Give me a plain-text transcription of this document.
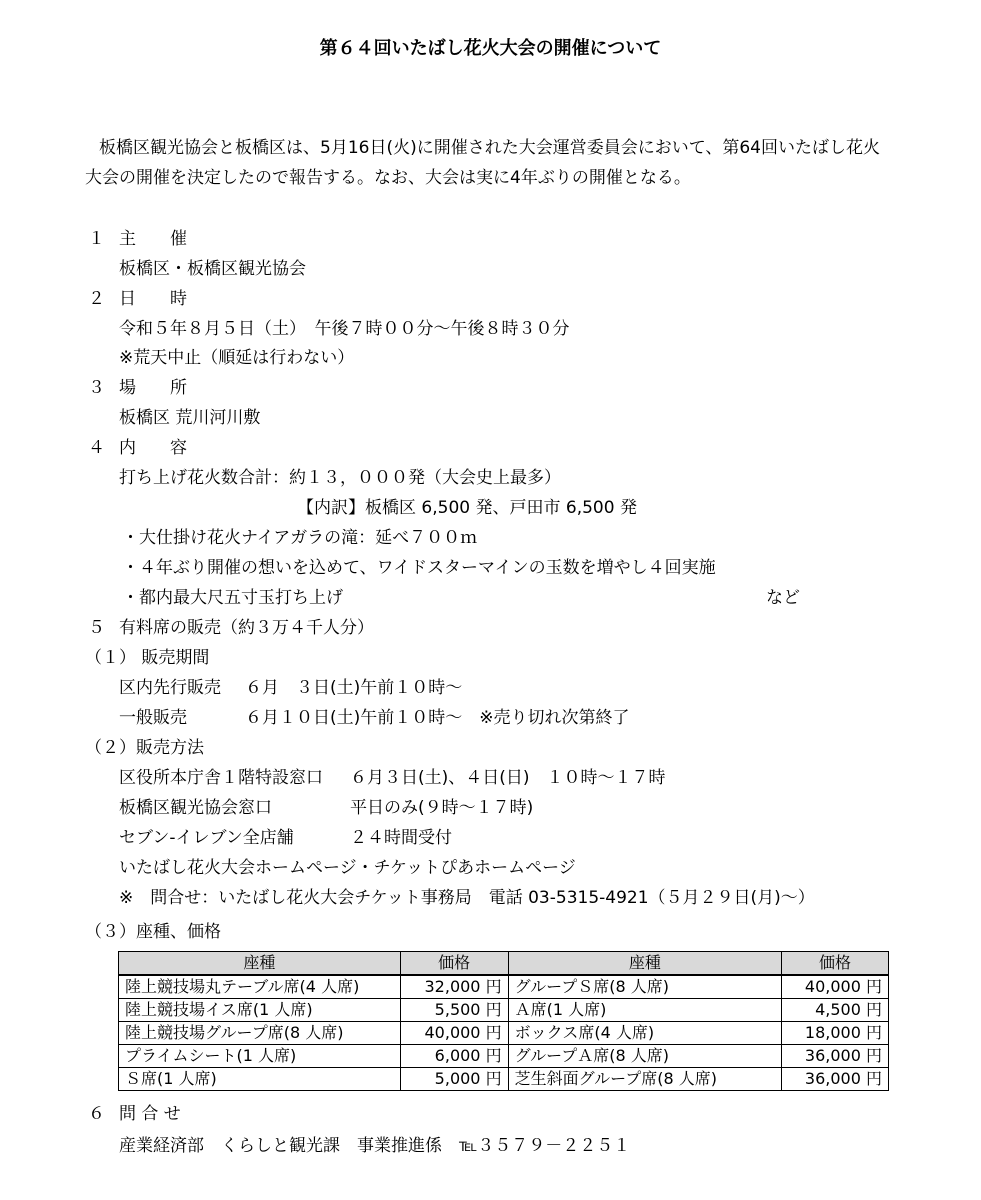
第６４回いたばし花火大会の開催について
板橋区観光協会と板橋区は、5月16日(火)に開催された大会運営委員会において、第64回いたばし花火大会の開催を決定したので報告する。なお、大会は実に4年ぶりの開催となる。
１ 主　　催
板橋区・板橋区観光協会
２ 日　　時
令和５年８月５日（土）　午後７時００分～午後８時３０分
※荒天中止（順延は行わない）
３ 場　　所
板橋区 荒川河川敷
４ 内　　容
打ち上げ花火数合計：約１３，０００発（大会史上最多）
【内訳】板橋区 6,500 発、戸田市 6,500 発
・大仕掛け花火ナイアガラの滝：延べ７００ｍ
・４年ぶり開催の想いを込めて、ワイドスターマインの玉数を増やし４回実施
・都内最大尺五寸玉打ち上げ	など
５ 有料席の販売（約３万４千人分）
（１） 販売期間
区内先行販売 ６月　３日(土)午前１０時～
一般販売	６月１０日(土)午前１０時～　※売り切れ次第終了
（２）販売方法
区役所本庁舎１階特設窓口 ６月３日(土)、４日(日)　１０時～１７時
板橋区観光協会窓口	平日のみ(９時～１７時)
セブン-イレブン全店舗	２４時間受付
いたばし花火大会ホームページ・チケットぴあホームページ
※　問合せ：いたばし花火大会チケット事務局　電話 03-5315-4921（５月２９日(月)～）
（３）座種、価格
座種	価格	座種	価格
陸上競技場丸テーブル席(4 人席)	32,000 円	グループＳ席(8 人席)	40,000 円
陸上競技場イス席(1 人席)	5,500 円	Ａ席(1 人席)	4,500 円
陸上競技場グループ席(8 人席)	40,000 円	ボックス席(4 人席)	18,000 円
プライムシート(1 人席)	6,000 円	グループＡ席(8 人席)	36,000 円
Ｓ席(1 人席)	5,000 円	芝生斜面グループ席(8 人席)	36,000 円
６ 問 合 せ
産業経済部　くらしと観光課　事業推進係　℡３５７９－２２５１
